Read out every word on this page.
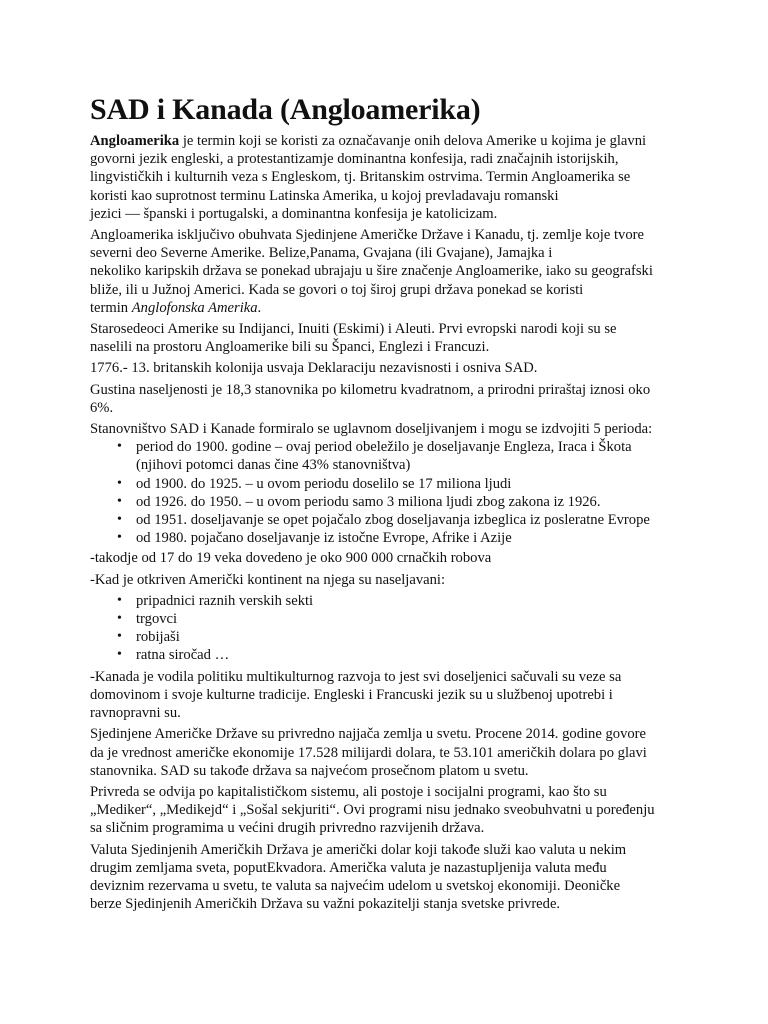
SAD i Kanada (Angloamerika)

Angloamerika je termin koji se koristi za označavanje onih delova Amerike u kojima je glavni
govorni jezik engleski, a protestantizamje dominantna konfesija, radi značajnih istorijskih,
lingvističkih i kulturnih veza s Engleskom, tj. Britanskim ostrvima. Termin Angloamerika se
koristi kao suprotnost terminu Latinska Amerika, u kojoj prevladavaju romanski
jezici — španski i portugalski, a dominantna konfesija je katolicizam.

Angloamerika isključivo obuhvata Sjedinjene Američke Države i Kanadu, tj. zemlje koje tvore
severni deo Severne Amerike. Belize,Panama, Gvajana (ili Gvajane), Jamajka i
nekoliko karipskih država se ponekad ubrajaju u šire značenje Angloamerike, iako su geografski
bliže, ili u Južnoj Americi. Kada se govori o toj široj grupi država ponekad se koristi
termin Anglofonska Amerika.

Starosedeoci Amerike su Indijanci, Inuiti (Eskimi) i Aleuti. Prvi evropski narodi koji su se
naselili na prostoru Angloamerike bili su Španci, Englezi i Francuzi.

1776.- 13. britanskih kolonija usvaja Deklaraciju nezavisnosti i osniva SAD.

Gustina naseljenosti je 18,3 stanovnika po kilometru kvadratnom, a prirodni priraštaj iznosi oko
6%.

Stanovništvo SAD i Kanade formiralo se uglavnom doseljivanjem i mogu se izdvojiti 5 perioda:

• period do 1900. godine – ovaj period obeležilo je doseljavanje Engleza, Iraca i Škota
(njihovi potomci danas čine 43% stanovništva)
• od 1900. do 1925. – u ovom periodu doselilo se 17 miliona ljudi
• od 1926. do 1950. – u ovom periodu samo 3 miliona ljudi zbog zakona iz 1926.
• od 1951. doseljavanje se opet pojačalo zbog doseljavanja izbeglica iz posleratne Evrope
• od 1980. pojačano doseljavanje iz istočne Evrope, Afrike i Azije

-takodje od 17 do 19 veka dovedeno je oko 900 000 crnačkih robova

-Kad je otkriven Američki kontinent na njega su naseljavani:

• pripadnici raznih verskih sekti
• trgovci
• robijaši
• ratna siročad …

-Kanada je vodila politiku multikulturnog razvoja to jest svi doseljenici sačuvali su veze sa
domovinom i svoje kulturne tradicije. Engleski i Francuski jezik su u službenoj upotrebi i
ravnopravni su.

Sjedinjene Američke Države su privredno najjača zemlja u svetu. Procene 2014. godine govore
da je vrednost američke ekonomije 17.528 milijardi dolara, te 53.101 američkih dolara po glavi
stanovnika. SAD su takođe država sa najvećom prosečnom platom u svetu.

Privreda se odvija po kapitalističkom sistemu, ali postoje i socijalni programi, kao što su
„Mediker“, „Medikejd“ i „Sošal sekjuriti“. Ovi programi nisu jednako sveobuhvatni u poređenju
sa sličnim programima u većini drugih privredno razvijenih država.

Valuta Sjedinjenih Američkih Država je američki dolar koji takođe služi kao valuta u nekim
drugim zemljama sveta, poputEkvadora. Američka valuta je nazastupljenija valuta među
deviznim rezervama u svetu, te valuta sa najvećim udelom u svetskoj ekonomiji. Deoničke
berze Sjedinjenih Američkih Država su važni pokazitelji stanja svetske privrede.
